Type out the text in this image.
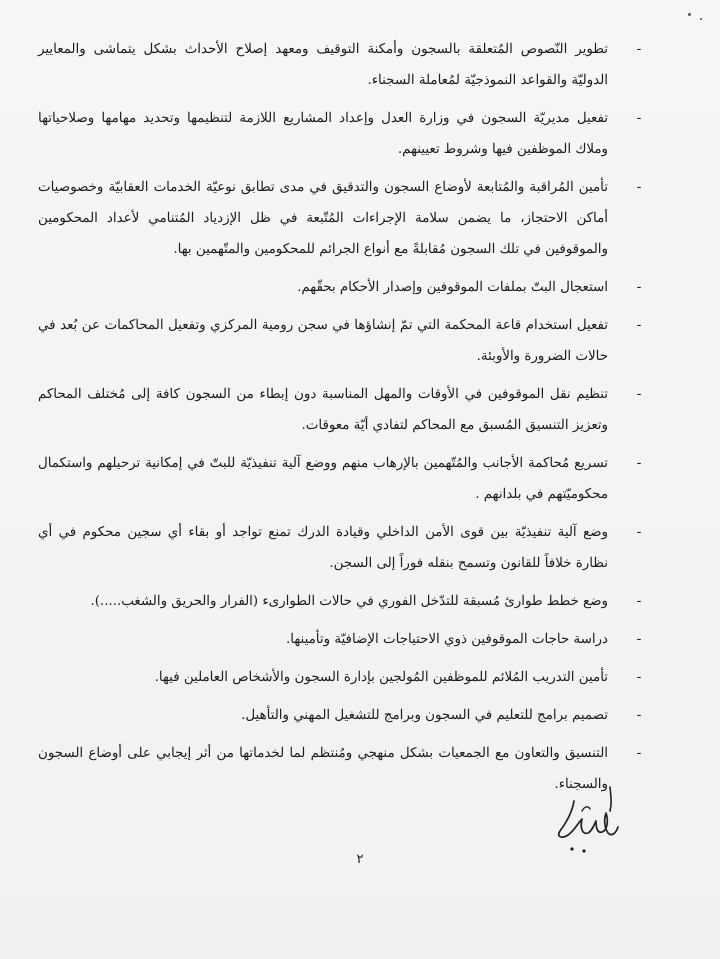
-
تطوير النّصوص المُتعلقة بالسجون وأمكنة التوقيف ومعهد إصلاح الأحداث بشكل يتماشى والمعايير الدوليّة والقواعد النموذجيّة لمُعاملة السجناء.
-
تفعيل مديريّة السجون في وزارة العدل وإعداد المشاريع اللازمة لتنظيمها وتحديد مهامها وصلاحياتها وملاك الموظفين فيها وشروط تعيينهم.
-
تأمين المُراقبة والمُتابعة لأوضاع السجون والتدقيق في مدى تطابق نوعيّة الخدمات العقابيّة وخصوصيات أماكن الاحتجاز، ما يضمن سلامة الإجراءات المُتّبعة في ظل الإزدياد المُتنامي لأعداد المحكومين والموقوفين في تلك السجون مُقابلةً مع أنواع الجرائم للمحكومين والمتّهمين بها.
-
استعجال البتّ بملفات الموقوفين وإصدار الأحكام بحقّهم.
-
تفعيل استخدام قاعة المحكمة التي تمّ إنشاؤها في سجن رومية المركزي وتفعيل المحاكمات عن بُعد في حالات الضرورة والأوبئة.
-
تنظيم نقل الموقوفين في الأوقات والمهل المناسبة دون إبطاء من السجون كافة إلى مُختلف المحاكم وتعزيز التنسيق المُسبق مع المحاكم لتفادي أيّة معوقات.
-
تسريع مُحاكمة الأجانب والمُتّهمين بالإرهاب منهم ووضع آلية تنفيذيّة للبتّ في إمكانية ترحيلهم واستكمال محكوميّتهم في بلدانهم .
-
وضع آلية تنفيذيّة بين قوى الأمن الداخلي وقيادة الدرك تمنع تواجد أو بقاء أي سجين محكوم في أي نظارة خلافاً للقانون وتسمح بنقله فوراً إلى السجن.
-
وضع خطط طوارئ مُسبقة للتدّخل الفوري في حالات الطوارىء (الفرار والحريق والشغب.....).
-
دراسة حاجات الموقوفين ذوي الاحتياجات الإضافيّة وتأمينها.
-
تأمين التدريب المُلائم للموظفين المُولجين بإدارة السجون والأشخاص العاملين فيها.
-
تصميم برامج للتعليم في السجون وبرامج للتشغيل المهني والتأهيل.
-
التنسيق والتعاون مع الجمعيات بشكل منهجي ومُنتظم لما لخدماتها من أثر إيجابي على أوضاع السجون والسجناء.
٢
